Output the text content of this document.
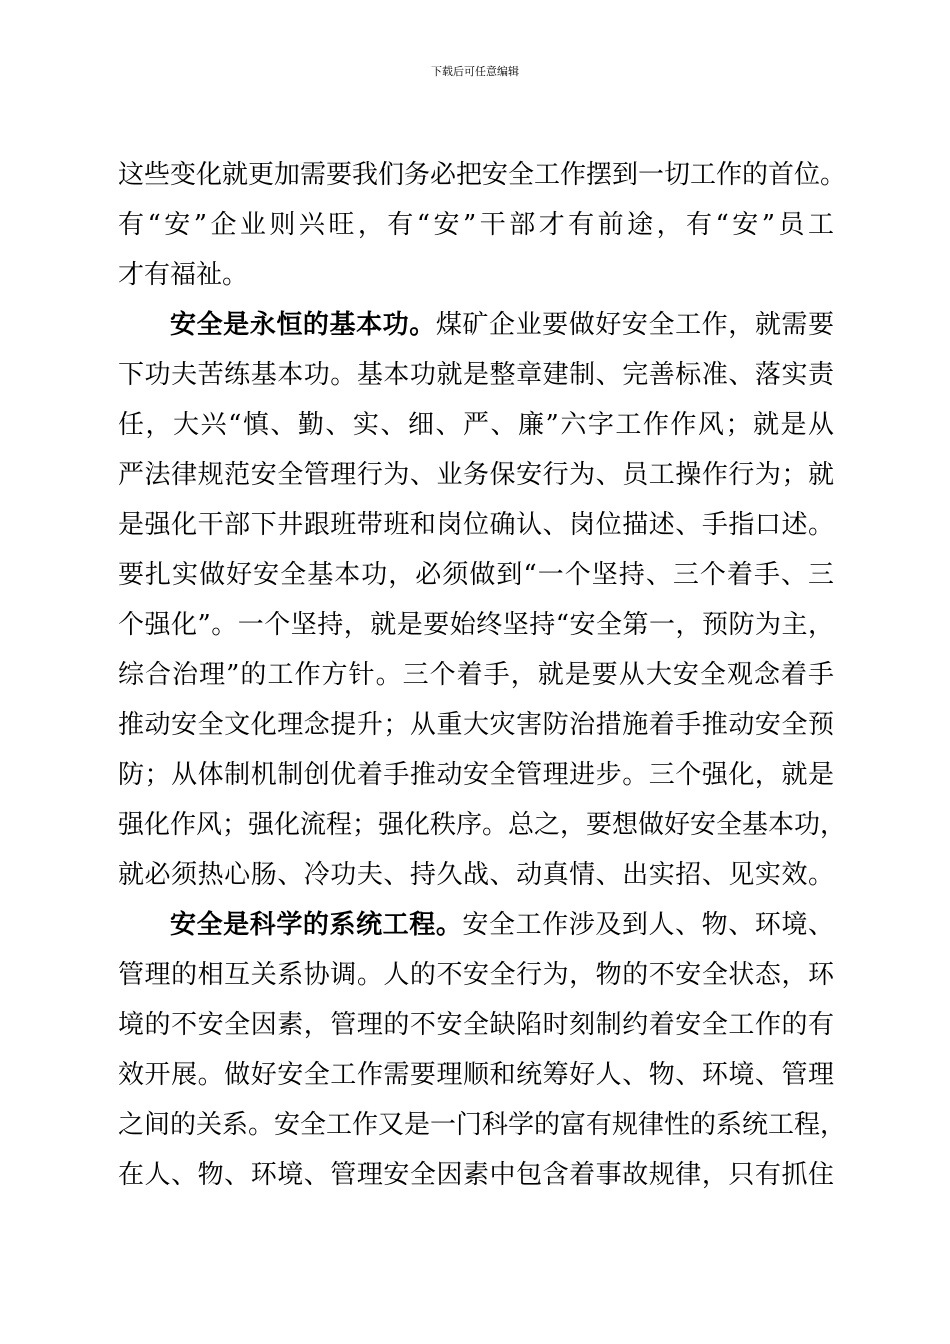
下载后可任意编辑
这些变化就更加需要我们务必把安全工作摆到一切工作的首位。
有“安”企业则兴旺，有“安”干部才有前途，有“安”员工
才有福祉。
安全是永恒的基本功。煤矿企业要做好安全工作，就需要
下功夫苦练基本功。基本功就是整章建制、完善标准、落实责
任，大兴“慎、勤、实、细、严、廉”六字工作作风；就是从
严法律规范安全管理行为、业务保安行为、员工操作行为；就
是强化干部下井跟班带班和岗位确认、岗位描述、手指口述。
要扎实做好安全基本功，必须做到“一个坚持、三个着手、三
个强化”。一个坚持，就是要始终坚持“安全第一，预防为主，
综合治理”的工作方针。三个着手，就是要从大安全观念着手
推动安全文化理念提升；从重大灾害防治措施着手推动安全预
防；从体制机制创优着手推动安全管理进步。三个强化，就是
强化作风；强化流程；强化秩序。总之，要想做好安全基本功，
就必须热心肠、冷功夫、持久战、动真情、出实招、见实效。
安全是科学的系统工程。安全工作涉及到人、物、环境、
管理的相互关系协调。人的不安全行为，物的不安全状态，环
境的不安全因素，管理的不安全缺陷时刻制约着安全工作的有
效开展。做好安全工作需要理顺和统筹好人、物、环境、管理
之间的关系。安全工作又是一门科学的富有规律性的系统工程，
在人、物、环境、管理安全因素中包含着事故规律，只有抓住
